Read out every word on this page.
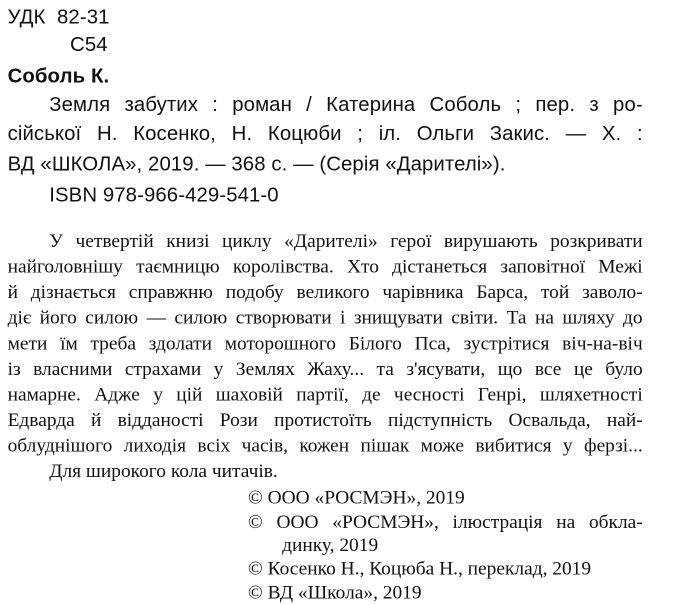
УДК  82-31
С54
Соболь К.
Земля забутих : роман / Катерина Соболь ; пер. з ро-
сійської Н. Косенко, Н. Коцюби ; іл. Ольги Закис. — Х. :
ВД «ШКОЛА», 2019. — 368 с. — (Серія «Дарителі»).
ISBN 978-966-429-541-0
У четвертій книзі циклу «Дарителі» герої вирушають розкривати
найголовнішу таємницю королівства. Хто дістанеться заповітної Межі
й дізнається справжню подобу великого чарівника Барса, той заволо-
діє його силою — силою створювати і знищувати світи. Та на шляху до
мети їм треба здолати моторошного Білого Пса, зустрітися віч-на-віч
із власними страхами у Землях Жаху... та з'ясувати, що все це було
намарне. Адже у цій шаховій партії, де чесності Генрі, шляхетності
Едварда й відданості Рози протистоїть підступність Освальда, най-
облуднішого лиходія всіх часів, кожен пішак може вибитися у ферзі...
Для широкого кола читачів.
© ООО «РОСМЭН», 2019
© ООО «РОСМЭН», ілюстрація на обкла-
динку, 2019
© Косенко Н., Коцюба Н., переклад, 2019
© ВД «Школа», 2019
